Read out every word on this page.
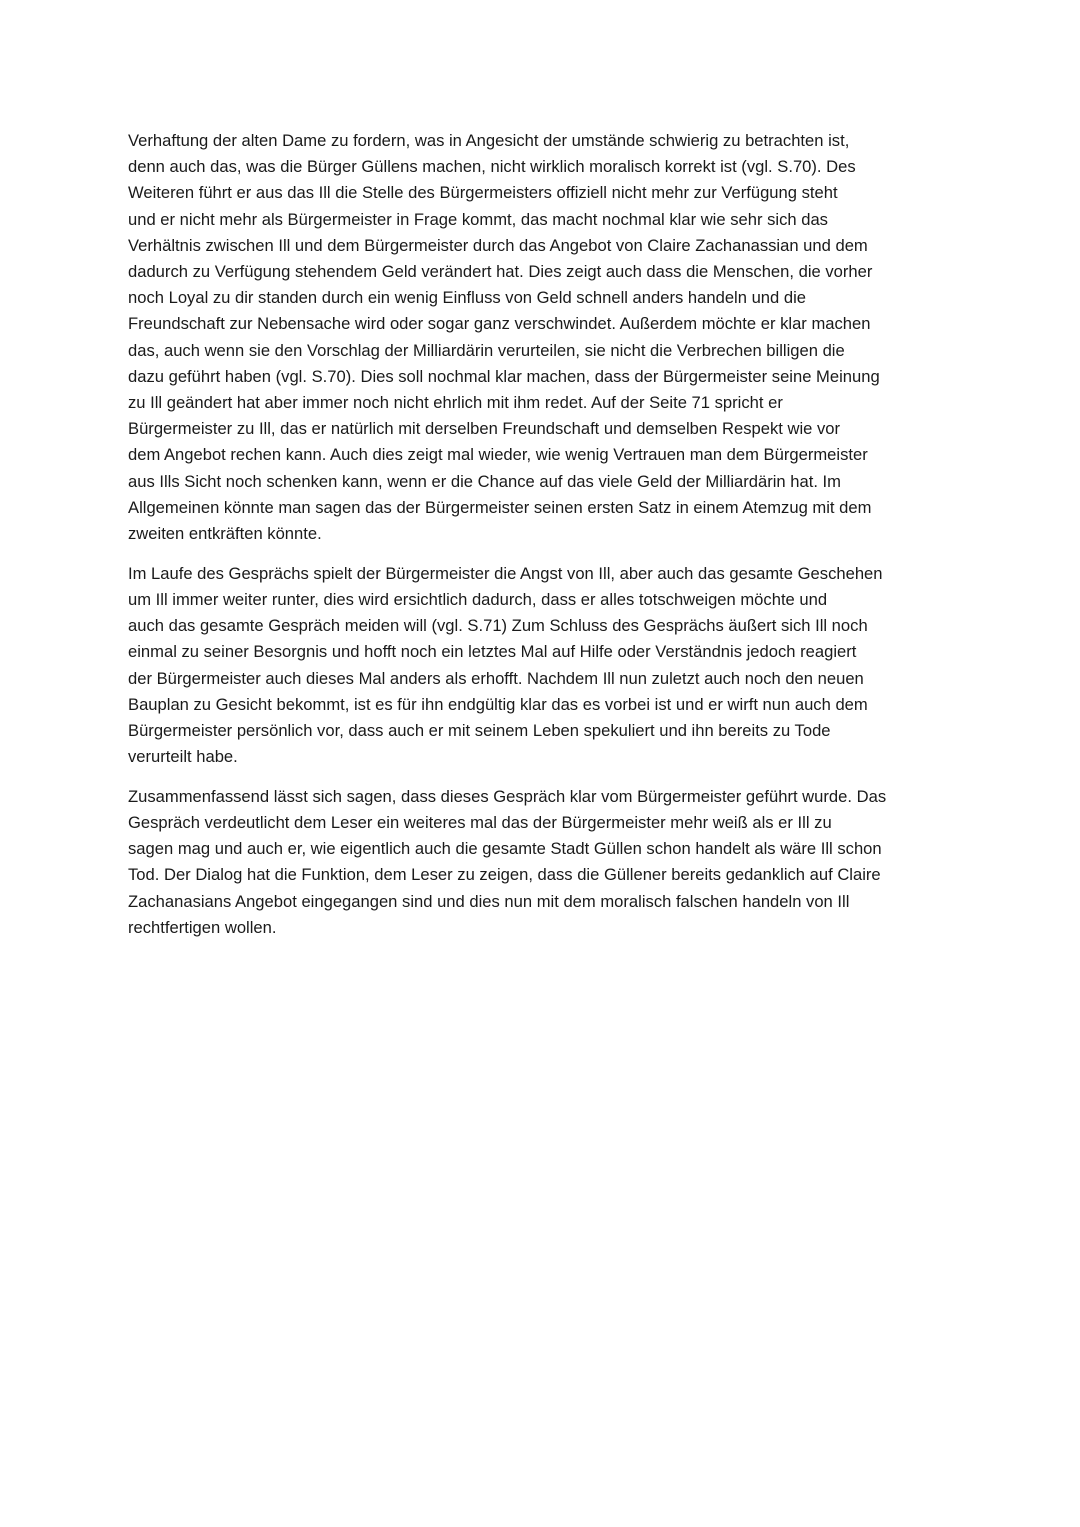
Verhaftung der alten Dame zu fordern, was in Angesicht der umstände schwierig zu betrachten ist,
denn auch das, was die Bürger Güllens machen, nicht wirklich moralisch korrekt ist (vgl. S.70). Des
Weiteren führt er aus das Ill die Stelle des Bürgermeisters offiziell nicht mehr zur Verfügung steht
und er nicht mehr als Bürgermeister in Frage kommt, das macht nochmal klar wie sehr sich das
Verhältnis zwischen Ill und dem Bürgermeister durch das Angebot von Claire Zachanassian und dem
dadurch zu Verfügung stehendem Geld verändert hat. Dies zeigt auch dass die Menschen, die vorher
noch Loyal zu dir standen durch ein wenig Einfluss von Geld schnell anders handeln und die
Freundschaft zur Nebensache wird oder sogar ganz verschwindet. Außerdem möchte er klar machen
das, auch wenn sie den Vorschlag der Milliardärin verurteilen, sie nicht die Verbrechen billigen die
dazu geführt haben (vgl. S.70). Dies soll nochmal klar machen, dass der Bürgermeister seine Meinung
zu Ill geändert hat aber immer noch nicht ehrlich mit ihm redet. Auf der Seite 71 spricht er
Bürgermeister zu Ill, das er natürlich mit derselben Freundschaft und demselben Respekt wie vor
dem Angebot rechen kann. Auch dies zeigt mal wieder, wie wenig Vertrauen man dem Bürgermeister
aus Ills Sicht noch schenken kann, wenn er die Chance auf das viele Geld der Milliardärin hat. Im
Allgemeinen könnte man sagen das der Bürgermeister seinen ersten Satz in einem Atemzug mit dem
zweiten entkräften könnte.
Im Laufe des Gesprächs spielt der Bürgermeister die Angst von Ill, aber auch das gesamte Geschehen
um Ill immer weiter runter, dies wird ersichtlich dadurch, dass er alles totschweigen möchte und
auch das gesamte Gespräch meiden will (vgl. S.71) Zum Schluss des Gesprächs äußert sich Ill noch
einmal zu seiner Besorgnis und hofft noch ein letztes Mal auf Hilfe oder Verständnis jedoch reagiert
der Bürgermeister auch dieses Mal anders als erhofft. Nachdem Ill nun zuletzt auch noch den neuen
Bauplan zu Gesicht bekommt, ist es für ihn endgültig klar das es vorbei ist und er wirft nun auch dem
Bürgermeister persönlich vor, dass auch er mit seinem Leben spekuliert und ihn bereits zu Tode
verurteilt habe.
Zusammenfassend lässt sich sagen, dass dieses Gespräch klar vom Bürgermeister geführt wurde. Das
Gespräch verdeutlicht dem Leser ein weiteres mal das der Bürgermeister mehr weiß als er Ill zu
sagen mag und auch er, wie eigentlich auch die gesamte Stadt Güllen schon handelt als wäre Ill schon
Tod. Der Dialog hat die Funktion, dem Leser zu zeigen, dass die Güllener bereits gedanklich auf Claire
Zachanasians Angebot eingegangen sind und dies nun mit dem moralisch falschen handeln von Ill
rechtfertigen wollen.
